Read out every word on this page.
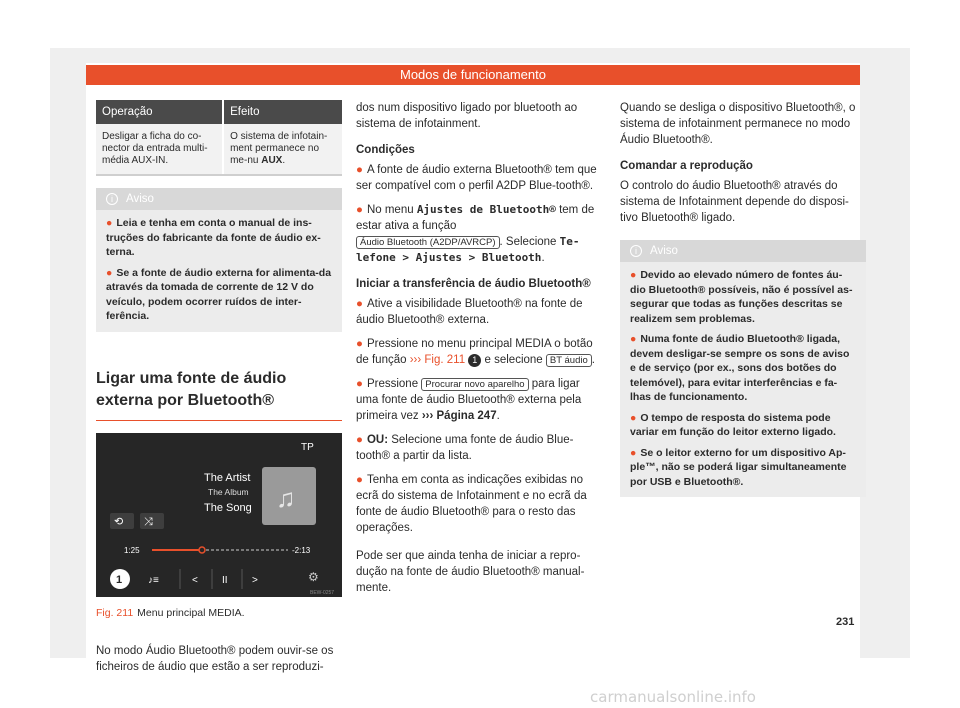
Modos de funcionamento
Operação	Efeito
Desligar a ficha do co-nector da entrada multi-média AUX-IN.	O sistema de infotain-ment permanece no me-nu AUX.
i	Aviso
● Leia e tenha em conta o manual de ins-truções do fabricante da fonte de áudio ex-terna.
● Se a fonte de áudio externa for alimenta-da através da tomada de corrente de 12 V do veículo, podem ocorrer ruídos de inter-ferência.
Ligar uma fonte de áudio externa por Bluetooth®
TP
The Artist
The Album
The Song ♫
⟲ ⤨
1:25	-2:13
1	♪≡	< II >	⚙
BEW-0257
Fig. 211 Menu principal MEDIA.

No modo Áudio Bluetooth® podem ouvir-se os ficheiros de áudio que estão a ser reproduzi-

dos num dispositivo ligado por bluetooth ao sistema de infotainment.

Condições

● A fonte de áudio externa Bluetooth® tem que ser compatível com o perfil A2DP Blue-tooth®.

● No menu Ajustes de Bluetooth® tem de estar ativa a função Áudio Bluetooth (A2DP/AVRCP) . Selecione Te-lefone > Ajustes > Bluetooth.

Iniciar a transferência de áudio Bluetooth®

● Ative a visibilidade Bluetooth® na fonte de áudio Bluetooth® externa.

● Pressione no menu principal MEDIA o botão de função ››› Fig. 211 1 e selecione BT áudio .

● Pressione Procurar novo aparelho para ligar uma fonte de áudio Bluetooth® externa pela primeira vez ››› Página 247.

● OU: Selecione uma fonte de áudio Blue-tooth® a partir da lista.

● Tenha em conta as indicações exibidas no ecrã do sistema de Infotainment e no ecrã da fonte de áudio Bluetooth® para o resto das operações.

Pode ser que ainda tenha de iniciar a repro-dução na fonte de áudio Bluetooth® manual-mente.

Quando se desliga o dispositivo Bluetooth®, o sistema de infotainment permanece no modo Áudio Bluetooth®.

Comandar a reprodução

O controlo do áudio Bluetooth® através do sistema de Infotainment depende do disposi-tivo Bluetooth® ligado.

i	Aviso
● Devido ao elevado número de fontes áu-dio Bluetooth® possíveis, não é possível as-segurar que todas as funções descritas se realizem sem problemas.
● Numa fonte de áudio Bluetooth® ligada, devem desligar-se sempre os sons de aviso e de serviço (por ex., sons dos botões do telemóvel), para evitar interferências e fa-lhas de funcionamento.
● O tempo de resposta do sistema pode variar em função do leitor externo ligado.
● Se o leitor externo for um dispositivo Ap-ple™, não se poderá ligar simultaneamente por USB e Bluetooth®.
231
carmanualsonline.info
